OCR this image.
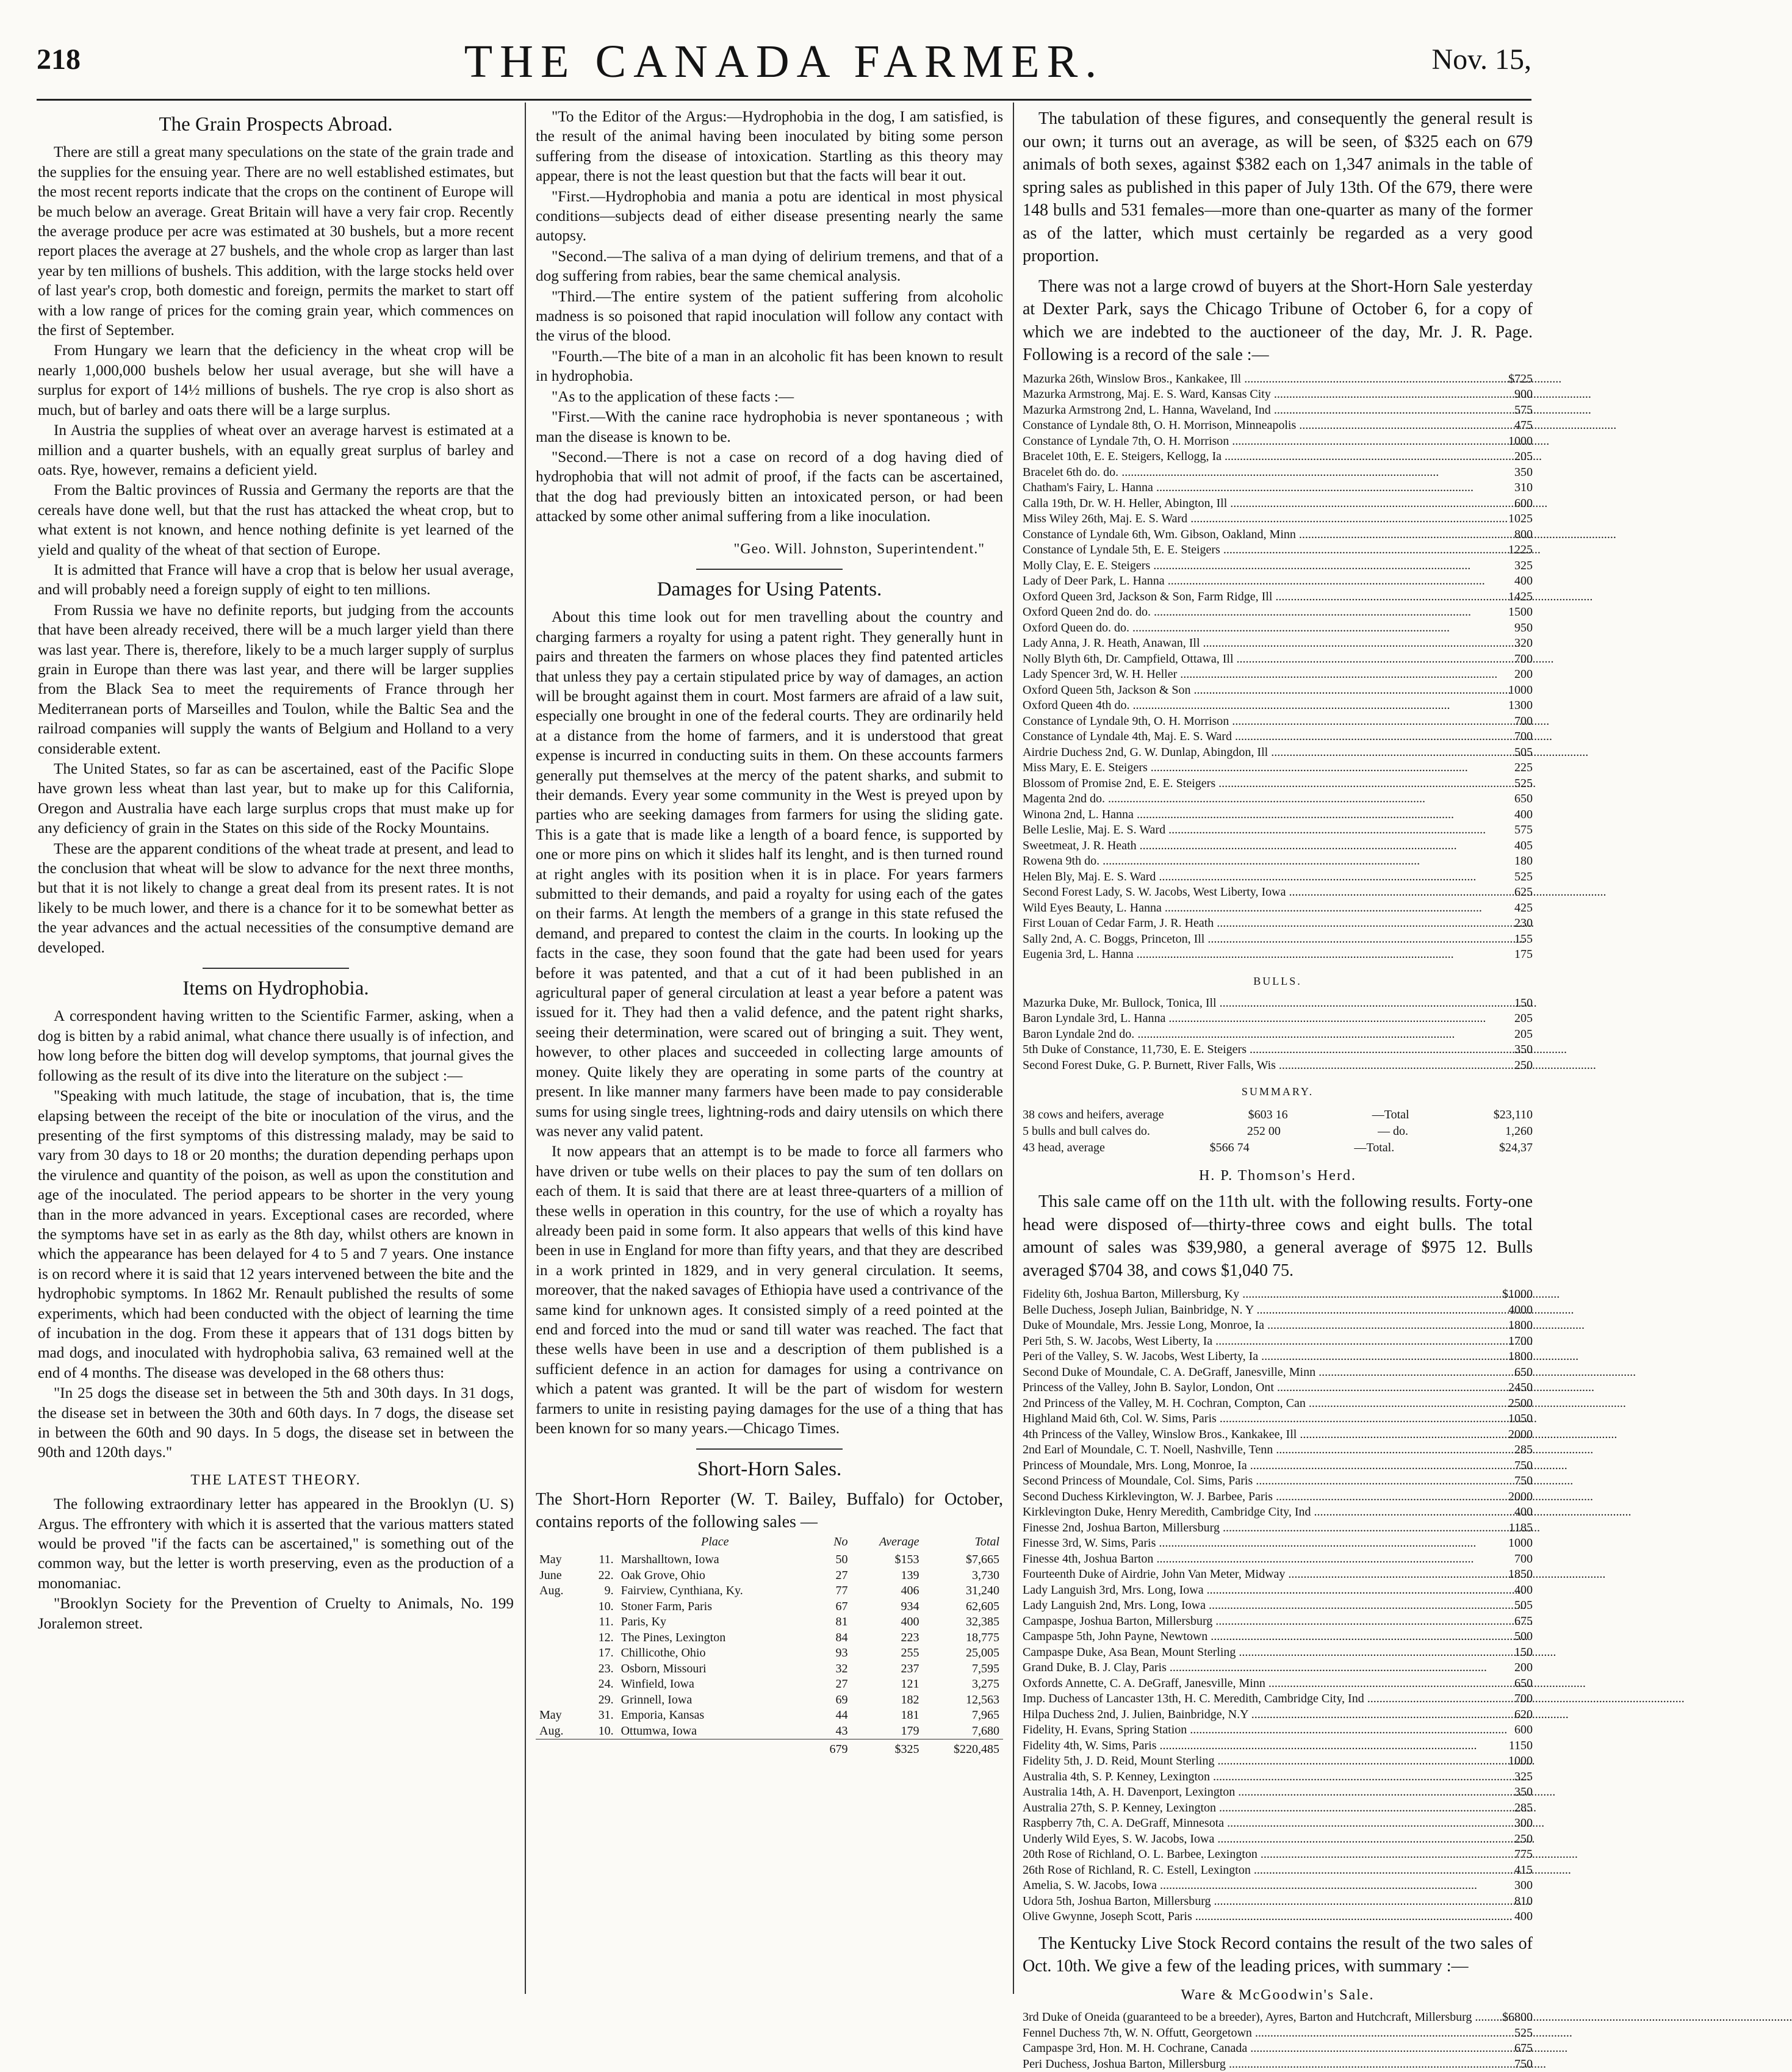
218	THE CANADA FARMER.	Nov. 15,
The Grain Prospects Abroad.

There are still a great many speculations on the state of the grain trade and the supplies for the ensuing year. There are no well established estimates, but the most recent reports indicate that the crops on the continent of Europe will be much below an average. Great Britain will have a very fair crop. Recently the average produce per acre was estimated at 30 bushels, but a more recent report places the average at 27 bushels, and the whole crop as larger than last year by ten millions of bushels. This addition, with the large stocks held over of last year's crop, both domestic and foreign, permits the market to start off with a low range of prices for the coming grain year, which commences on the first of September.

From Hungary we learn that the deficiency in the wheat crop will be nearly 1,000,000 bushels below her usual average, but she will have a surplus for export of 14½ millions of bushels. The rye crop is also short as much, but of barley and oats there will be a large surplus.

In Austria the supplies of wheat over an average harvest is estimated at a million and a quarter bushels, with an equally great surplus of barley and oats. Rye, however, remains a deficient yield.

From the Baltic provinces of Russia and Germany the reports are that the cereals have done well, but that the rust has attacked the wheat crop, but to what extent is not known, and hence nothing definite is yet learned of the yield and quality of the wheat of that section of Europe.

It is admitted that France will have a crop that is below her usual average, and will probably need a foreign supply of eight to ten millions.

From Russia we have no definite reports, but judging from the accounts that have been already received, there will be a much larger yield than there was last year. There is, therefore, likely to be a much larger supply of surplus grain in Europe than there was last year, and there will be larger supplies from the Black Sea to meet the requirements of France through her Mediterranean ports of Marseilles and Toulon, while the Baltic Sea and the railroad companies will supply the wants of Belgium and Holland to a very considerable extent.

The United States, so far as can be ascertained, east of the Pacific Slope have grown less wheat than last year, but to make up for this California, Oregon and Australia have each large surplus crops that must make up for any deficiency of grain in the States on this side of the Rocky Mountains.

These are the apparent conditions of the wheat trade at present, and lead to the conclusion that wheat will be slow to advance for the next three months, but that it is not likely to change a great deal from its present rates. It is not likely to be much lower, and there is a chance for it to be somewhat better as the year advances and the actual necessities of the consumptive demand are developed.

Items on Hydrophobia.

A correspondent having written to the Scientific Farmer, asking, when a dog is bitten by a rabid animal, what chance there usually is of infection, and how long before the bitten dog will develop symptoms, that journal gives the following as the result of its dive into the literature on the subject :—

"Speaking with much latitude, the stage of incubation, that is, the time elapsing between the receipt of the bite or inoculation of the virus, and the presenting of the first symptoms of this distressing malady, may be said to vary from 30 days to 18 or 20 months; the duration depending perhaps upon the virulence and quantity of the poison, as well as upon the constitution and age of the inoculated. The period appears to be shorter in the very young than in the more advanced in years. Exceptional cases are recorded, where the symptoms have set in as early as the 8th day, whilst others are known in which the appearance has been delayed for 4 to 5 and 7 years. One instance is on record where it is said that 12 years intervened between the bite and the hydrophobic symptoms. In 1862 Mr. Renault published the results of some experiments, which had been conducted with the object of learning the time of incubation in the dog. From these it appears that of 131 dogs bitten by mad dogs, and inoculated with hydrophobia saliva, 63 remained well at the end of 4 months. The disease was developed in the 68 others thus:

"In 25 dogs the disease set in between the 5th and 30th days. In 31 dogs, the disease set in between the 30th and 60th days. In 7 dogs, the disease set in between the 60th and 90 days. In 5 dogs, the disease set in between the 90th and 120th days."

THE LATEST THEORY.

The following extraordinary letter has appeared in the Brooklyn (U. S) Argus. The effrontery with which it is asserted that the various matters stated would be proved "if the facts can be ascertained," is something out of the common way, but the letter is worth preserving, even as the production of a monomaniac.

"Brooklyn Society for the Prevention of Cruelty to Animals, No. 199 Joralemon street.

"To the Editor of the Argus:—Hydrophobia in the dog, I am satisfied, is the result of the animal having been inoculated by biting some person suffering from the disease of intoxication. Startling as this theory may appear, there is not the least question but that the facts will bear it out.

"First.—Hydrophobia and mania a potu are identical in most physical conditions—subjects dead of either disease presenting nearly the same autopsy.

"Second.—The saliva of a man dying of delirium tremens, and that of a dog suffering from rabies, bear the same chemical analysis.

"Third.—The entire system of the patient suffering from alcoholic madness is so poisoned that rapid inoculation will follow any contact with the virus of the blood.

"Fourth.—The bite of a man in an alcoholic fit has been known to result in hydrophobia.

"As to the application of these facts :—

"First.—With the canine race hydrophobia is never spontaneous ; with man the disease is known to be.

"Second.—There is not a case on record of a dog having died of hydrophobia that will not admit of proof, if the facts can be ascertained, that the dog had previously bitten an intoxicated person, or had been attacked by some other animal suffering from a like inoculation.

"Geo. Will. Johnston, Superintendent."
Damages for Using Patents.

About this time look out for men travelling about the country and charging farmers a royalty for using a patent right. They generally hunt in pairs and threaten the farmers on whose places they find patented articles that unless they pay a certain stipulated price by way of damages, an action will be brought against them in court. Most farmers are afraid of a law suit, especially one brought in one of the federal courts. They are ordinarily held at a distance from the home of farmers, and it is understood that great expense is incurred in conducting suits in them. On these accounts farmers generally put themselves at the mercy of the patent sharks, and submit to their demands. Every year some community in the West is preyed upon by parties who are seeking damages from farmers for using the sliding gate. This is a gate that is made like a length of a board fence, is supported by one or more pins on which it slides half its lenght, and is then turned round at right angles with its position when it is in place. For years farmers submitted to their demands, and paid a royalty for using each of the gates on their farms. At length the members of a grange in this state refused the demand, and prepared to contest the claim in the courts. In looking up the facts in the case, they soon found that the gate had been used for years before it was patented, and that a cut of it had been published in an agricultural paper of general circulation at least a year before a patent was issued for it. They had then a valid defence, and the patent right sharks, seeing their determination, were scared out of bringing a suit. They went, however, to other places and succeeded in collecting large amounts of money. Quite likely they are operating in some parts of the country at present. In like manner many farmers have been made to pay considerable sums for using single trees, lightning-rods and dairy utensils on which there was never any valid patent.

It now appears that an attempt is to be made to force all farmers who have driven or tube wells on their places to pay the sum of ten dollars on each of them. It is said that there are at least three-quarters of a million of these wells in operation in this country, for the use of which a royalty has already been paid in some form. It also appears that wells of this kind have been in use in England for more than fifty years, and that they are described in a work printed in 1829, and in very general circulation. It seems, moreover, that the naked savages of Ethiopia have used a contrivance of the same kind for unknown ages. It consisted simply of a reed pointed at the end and forced into the mud or sand till water was reached. The fact that these wells have been in use and a description of them published is a sufficient defence in an action for damages for using a contrivance on which a patent was granted. It will be the part of wisdom for western farmers to unite in resisting paying damages for the use of a thing that has been known for so many years.—Chicago Times.

Short-Horn Sales.

The Short-Horn Reporter (W. T. Bailey, Buffalo) for October, contains reports of the following sales —

		Place	No	Average	Total
May	11.	Marshalltown, Iowa	50	$153	$7,665
June	22.	Oak Grove, Ohio	27	139	3,730
Aug.	9.	Fairview, Cynthiana, Ky.	77	406	31,240
	10.	Stoner Farm, Paris	67	934	62,605
	11.	Paris, Ky	81	400	32,385
	12.	The Pines, Lexington	84	223	18,775
	17.	Chillicothe, Ohio	93	255	25,005
	23.	Osborn, Missouri	32	237	7,595
	24.	Winfield, Iowa	27	121	3,275
	29.	Grinnell, Iowa	69	182	12,563
May	31.	Emporia, Kansas	44	181	7,965
Aug.	10.	Ottumwa, Iowa	43	179	7,680
			679	$325	$220,485

The tabulation of these figures, and consequently the general result is our own; it turns out an average, as will be seen, of $325 each on 679 animals of both sexes, against $382 each on 1,347 animals in the table of spring sales as published in this paper of July 13th. Of the 679, there were 148 bulls and 531 females—more than one-quarter as many of the former as of the latter, which must certainly be regarded as a very good proportion.

There was not a large crowd of buyers at the Short-Horn Sale yesterday at Dexter Park, says the Chicago Tribune of October 6, for a copy of which we are indebted to the auctioneer of the day, Mr. J. R. Page. Following is a record of the sale :—

Mazurka 26th, Winslow Bros., Kankakee, Ill .....	$725
Mazurka Armstrong, Maj. E. S. Ward, Kansas City .....	900
Mazurka Armstrong 2nd, L. Hanna, Waveland, Ind .....	575
Constance of Lyndale 8th, O. H. Morrison, Minneapolis .....	475
Constance of Lyndale 7th, O. H. Morrison .....	1000
Bracelet 10th, E. E. Steigers, Kellogg, Ia .....	205
Bracelet 6th do. do. .....	350
Chatham's Fairy, L. Hanna .....	310
Calla 19th, Dr. W. H. Heller, Abington, Ill .....	600
Miss Wiley 26th, Maj. E. S. Ward .....	1025
Constance of Lyndale 6th, Wm. Gibson, Oakland, Minn .....	800
Constance of Lyndale 5th, E. E. Steigers .....	1225
Molly Clay, E. E. Steigers .....	325
Lady of Deer Park, L. Hanna .....	400
Oxford Queen 3rd, Jackson & Son, Farm Ridge, Ill .....	1425
Oxford Queen 2nd do. do. .....	1500
Oxford Queen do. do. .....	950
Lady Anna, J. R. Heath, Anawan, Ill .....	320
Nolly Blyth 6th, Dr. Campfield, Ottawa, Ill .....	700
Lady Spencer 3rd, W. H. Heller .....	200
Oxford Queen 5th, Jackson & Son .....	1000
Oxford Queen 4th do. .....	1300
Constance of Lyndale 9th, O. H. Morrison .....	700
Constance of Lyndale 4th, Maj. E. S. Ward .....	700
Airdrie Duchess 2nd, G. W. Dunlap, Abingdon, Ill .....	505
Miss Mary, E. E. Steigers .....	225
Blossom of Promise 2nd, E. E. Steigers .....	525
Magenta 2nd do. .....	650
Winona 2nd, L. Hanna .....	400
Belle Leslie, Maj. E. S. Ward .....	575
Sweetmeat, J. R. Heath .....	405
Rowena 9th do. .....	180
Helen Bly, Maj. E. S. Ward .....	525
Second Forest Lady, S. W. Jacobs, West Liberty, Iowa .....	625
Wild Eyes Beauty, L. Hanna .....	425
First Louan of Cedar Farm, J. R. Heath .....	230
Sally 2nd, A. C. Boggs, Princeton, Ill .....	155
Eugenia 3rd, L. Hanna .....	175
BULLS.
Mazurka Duke, Mr. Bullock, Tonica, Ill .....	150
Baron Lyndale 3rd, L. Hanna .....	205
Baron Lyndale 2nd do. .....	205
5th Duke of Constance, 11,730, E. E. Steigers .....	350
Second Forest Duke, G. P. Burnett, River Falls, Wis .....	250
SUMMARY.
38 cows and heifers, average	$603 16	—Total	$23,110
5 bulls and bull calves do.	252 00	— do.	1,260
43 head, average	$566 74	—Total.	$24,37
H. P. Thomson's Herd.

This sale came off on the 11th ult. with the following results. Forty-one head were disposed of—thirty-three cows and eight bulls. The total amount of sales was $39,980, a general average of $975 12. Bulls averaged $704 38, and cows $1,040 75.

Fidelity 6th, Joshua Barton, Millersburg, Ky .....	$1000
Belle Duchess, Joseph Julian, Bainbridge, N. Y .....	4000
Duke of Moundale, Mrs. Jessie Long, Monroe, Ia .....	1800
Peri 5th, S. W. Jacobs, West Liberty, Ia .....	1700
Peri of the Valley, S. W. Jacobs, West Liberty, Ia .....	1800
Second Duke of Moundale, C. A. DeGraff, Janesville, Minn .....	650
Princess of the Valley, John B. Saylor, London, Ont .....	2450
2nd Princess of the Valley, M. H. Cochran, Compton, Can .....	2500
Highland Maid 6th, Col. W. Sims, Paris .....	1050
4th Princess of the Valley, Winslow Bros., Kankakee, Ill .....	2000
2nd Earl of Moundale, C. T. Noell, Nashville, Tenn .....	285
Princess of Moundale, Mrs. Long, Monroe, Ia .....	750
Second Princess of Moundale, Col. Sims, Paris .....	750
Second Duchess Kirklevington, W. J. Barbee, Paris .....	2000
Kirklevington Duke, Henry Meredith, Cambridge City, Ind .....	400
Finesse 2nd, Joshua Barton, Millersburg .....	1185
Finesse 3rd, W. Sims, Paris .....	1000
Finesse 4th, Joshua Barton .....	700
Fourteenth Duke of Airdrie, John Van Meter, Midway .....	1850
Lady Languish 3rd, Mrs. Long, Iowa .....	400
Lady Languish 2nd, Mrs. Long, Iowa .....	505
Campaspe, Joshua Barton, Millersburg .....	675
Campaspe 5th, John Payne, Newtown .....	500
Campaspe Duke, Asa Bean, Mount Sterling .....	150
Grand Duke, B. J. Clay, Paris .....	200
Oxfords Annette, C. A. DeGraff, Janesville, Minn .....	650
Imp. Duchess of Lancaster 13th, H. C. Meredith, Cambridge City, Ind .....	700
Hilpa Duchess 2nd, J. Julien, Bainbridge, N.Y .....	620
Fidelity, H. Evans, Spring Station .....	600
Fidelity 4th, W. Sims, Paris .....	1150
Fidelity 5th, J. D. Reid, Mount Sterling .....	1000
Australia 4th, S. P. Kenney, Lexington .....	325
Australia 14th, A. H. Davenport, Lexington .....	350
Australia 27th, S. P. Kenney, Lexington .....	285
Raspberry 7th, C. A. DeGraff, Minnesota .....	300
Underly Wild Eyes, S. W. Jacobs, Iowa .....	250
20th Rose of Richland, O. L. Barbee, Lexington .....	775
26th Rose of Richland, R. C. Estell, Lexington .....	415
Amelia, S. W. Jacobs, Iowa .....	300
Udora 5th, Joshua Barton, Millersburg .....	810
Olive Gwynne, Joseph Scott, Paris .....	400

The Kentucky Live Stock Record contains the result of the two sales of Oct. 10th. We give a few of the leading prices, with summary :—

Ware & McGoodwin's Sale.
3rd Duke of Oneida (guaranteed to be a breeder), Ayres, Barton and Hutchcraft, Millersburg .....	$6800
Fennel Duchess 7th, W. N. Offutt, Georgetown .....	525
Campaspe 3rd, Hon. M. H. Cochrane, Canada .....	675
Peri Duchess, Joshua Barton, Millersburg .....	750
